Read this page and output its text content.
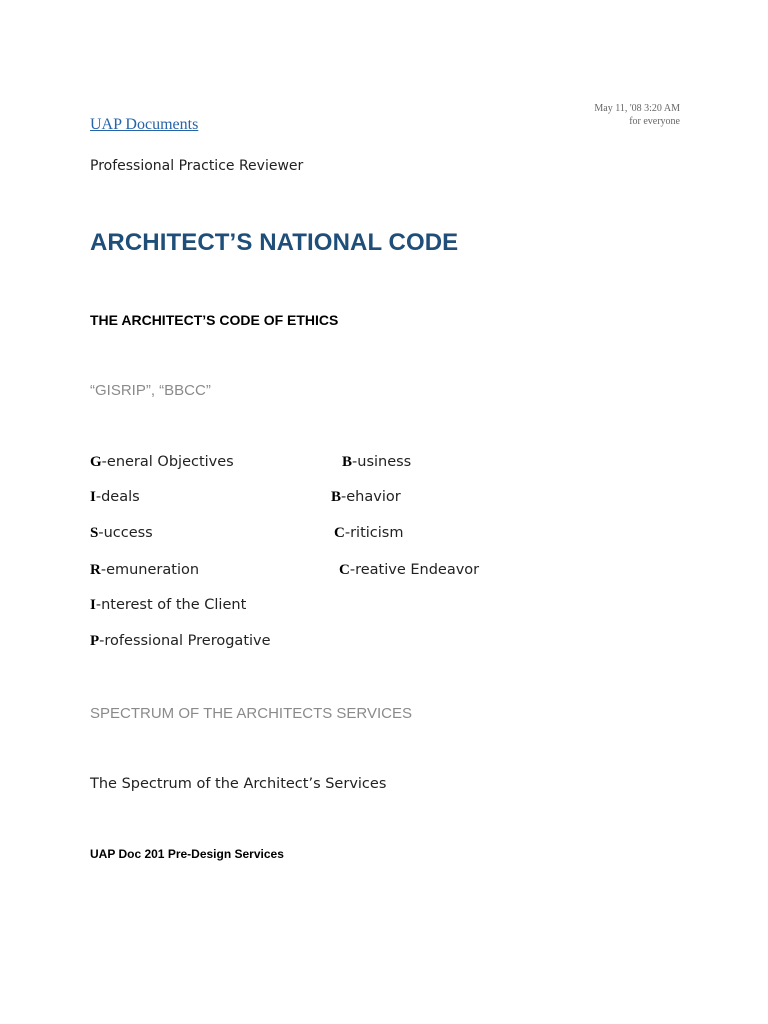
May 11, '08 3:20 AM
for everyone
UAP Documents
Professional Practice Reviewer
ARCHITECT’S NATIONAL CODE
THE ARCHITECT’S CODE OF ETHICS
“GISRIP”, “BBCC”
G-eneral Objectives
I-deals
S-uccess
R-emuneration
I-nterest of the Client
P-rofessional Prerogative
B-usiness
B-ehavior
C-riticism
C-reative Endeavor
SPECTRUM OF THE ARCHITECTS SERVICES
The Spectrum of the Architect’s Services
UAP Doc 201 Pre-Design Services
